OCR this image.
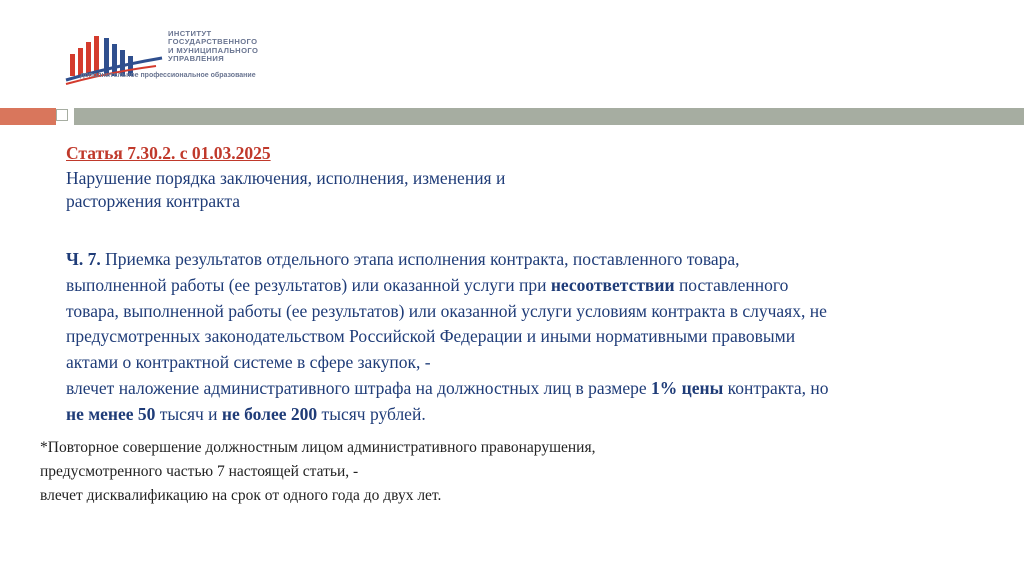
ИНСТИТУТ
ГОСУДАРСТВЕННОГО
И МУНИЦИПАЛЬНОГО
УПРАВЛЕНИЯ
дополнительное профессиональное образование
Статья 7.30.2. с 01.03.2025
Нарушение порядка заключения, исполнения, изменения и
расторжения контракта
Ч. 7. Приемка результатов отдельного этапа исполнения контракта, поставленного товара,
выполненной работы (ее результатов) или оказанной услуги при несоответствии поставленного
товара, выполненной работы (ее результатов) или оказанной услуги условиям контракта в случаях, не
предусмотренных законодательством Российской Федерации и иными нормативными правовыми
актами о контрактной системе в сфере закупок, -
влечет наложение административного штрафа на должностных лиц в размере 1% цены контракта, но
не менее 50 тысяч и не более 200 тысяч рублей.
*Повторное совершение должностным лицом административного правонарушения,
предусмотренного частью 7 настоящей статьи, -
влечет дисквалификацию на срок от одного года до двух лет.
